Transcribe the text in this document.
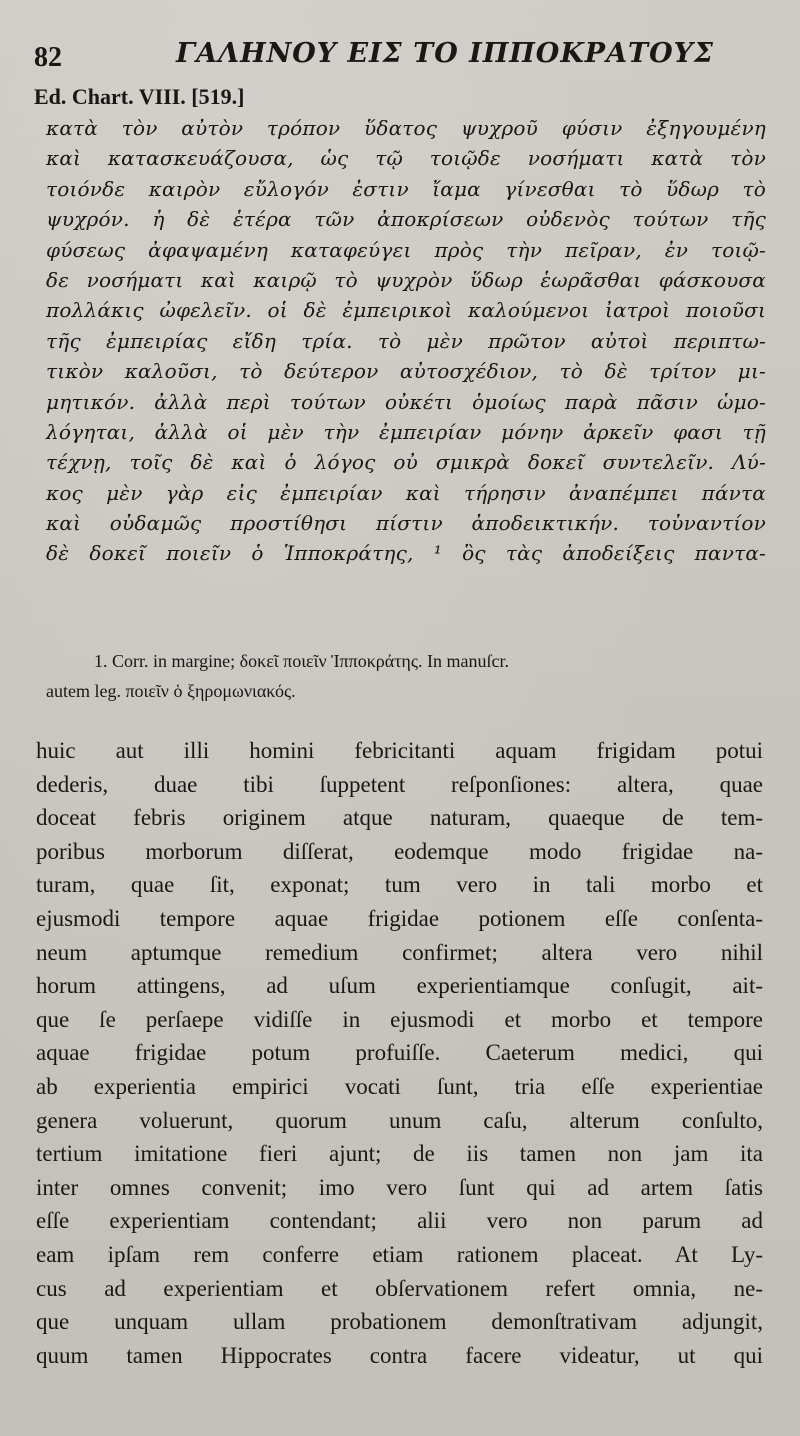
82	ΓΑΛΗΝΟΥ ΕΙΣ ΤΟ ΙΠΠΟΚΡΑΤΟΥΣ
Ed. Chart. VIII. [519.]
κατὰ τὸν αὐτὸν τρόπον ὕδατος ψυχροῦ φύσιν ἐξηγουμένη
καὶ κατασκευάζουσα, ὡς τῷ τοιῷδε νοσήματι κατὰ τὸν
τοιόνδε καιρὸν εὔλογόν ἐστιν ἴαμα γίνεσθαι τὸ ὕδωρ τὸ
ψυχρόν. ἡ δὲ ἑτέρα τῶν ἀποκρίσεων οὐδενὸς τούτων τῆς
φύσεως ἀφαψαμένη καταφεύγει πρὸς τὴν πεῖραν, ἐν τοιῷ-
δε νοσήματι καὶ καιρῷ τὸ ψυχρὸν ὕδωρ ἑωρᾶσθαι φάσκουσα
πολλάκις ὠφελεῖν. οἱ δὲ ἐμπειρικοὶ καλούμενοι ἰατροὶ ποιοῦσι
τῆς ἐμπειρίας εἴδη τρία. τὸ μὲν πρῶτον αὐτοὶ περιπτω-
τικὸν καλοῦσι, τὸ δεύτερον αὐτοσχέδιον, τὸ δὲ τρίτον μι-
μητικόν. ἀλλὰ περὶ τούτων οὐκέτι ὁμοίως παρὰ πᾶσιν ὡμο-
λόγηται, ἀλλὰ οἱ μὲν τὴν ἐμπειρίαν μόνην ἀρκεῖν φασι τῇ
τέχνῃ, τοῖς δὲ καὶ ὁ λόγος οὐ σμικρὰ δοκεῖ συντελεῖν. Λύ-
κος μὲν γὰρ εἰς ἐμπειρίαν καὶ τήρησιν ἀναπέμπει πάντα
καὶ οὐδαμῶς προστίθησι πίστιν ἀποδεικτικήν. τοὐναντίον
δὲ δοκεῖ ποιεῖν ὁ Ἱπποκράτης, ¹ ὃς τὰς ἀποδείξεις παντα-
1. Corr. in margine; δοκεῖ ποιεῖν Ἱπποκράτης. In manuſcr.
autem leg. ποιεῖν ὁ ξηρομωνιακός.
huic aut illi homini febricitanti aquam frigidam potui
dederis, duae tibi ſuppetent reſponſiones: altera, quae
doceat febris originem atque naturam, quaeque de tem-
poribus morborum diſſerat, eodemque modo frigidae na-
turam, quae ſit, exponat; tum vero in tali morbo et
ejusmodi tempore aquae frigidae potionem eſſe conſenta-
neum aptumque remedium confirmet; altera vero nihil
horum attingens, ad uſum experientiamque conſugit, ait-
que ſe perſaepe vidiſſe in ejusmodi et morbo et tempore
aquae frigidae potum profuiſſe. Caeterum medici, qui
ab experientia empirici vocati ſunt, tria eſſe experientiae
genera voluerunt, quorum unum caſu, alterum conſulto,
tertium imitatione fieri ajunt; de iis tamen non jam ita
inter omnes convenit; imo vero ſunt qui ad artem ſatis
eſſe experientiam contendant; alii vero non parum ad
eam ipſam rem conferre etiam rationem placeat. At Ly-
cus ad experientiam et obſervationem refert omnia, ne-
que unquam ullam probationem demonſtrativam adjungit,
quum tamen Hippocrates contra facere videatur, ut qui
